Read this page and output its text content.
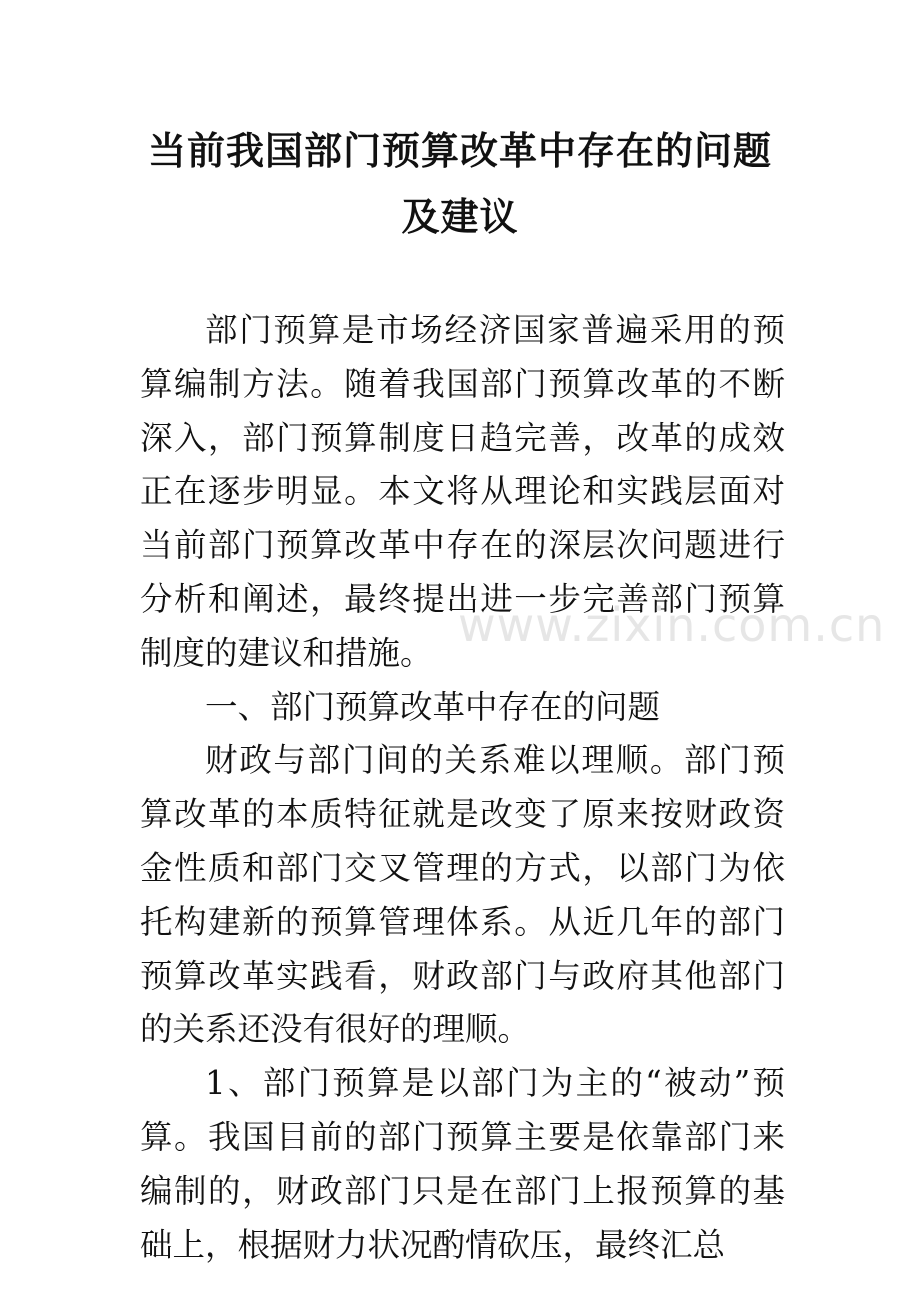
当前我国部门预算改革中存在的问题及建议

部门预算是市场经济国家普遍采用的预算编制方法。随着我国部门预算改革的不断深入，部门预算制度日趋完善，改革的成效正在逐步明显。本文将从理论和实践层面对当前部门预算改革中存在的深层次问题进行分析和阐述，最终提出进一步完善部门预算制度的建议和措施。

一、部门预算改革中存在的问题

财政与部门间的关系难以理顺。部门预算改革的本质特征就是改变了原来按财政资金性质和部门交叉管理的方式，以部门为依托构建新的预算管理体系。从近几年的部门预算改革实践看，财政部门与政府其他部门的关系还没有很好的理顺。

1、部门预算是以部门为主的“被动”预算。我国目前的部门预算主要是依靠部门来编制的，财政部门只是在部门上报预算的基础上，根据财力状况酌情砍压，最终汇总

www.zixin.com.cn
